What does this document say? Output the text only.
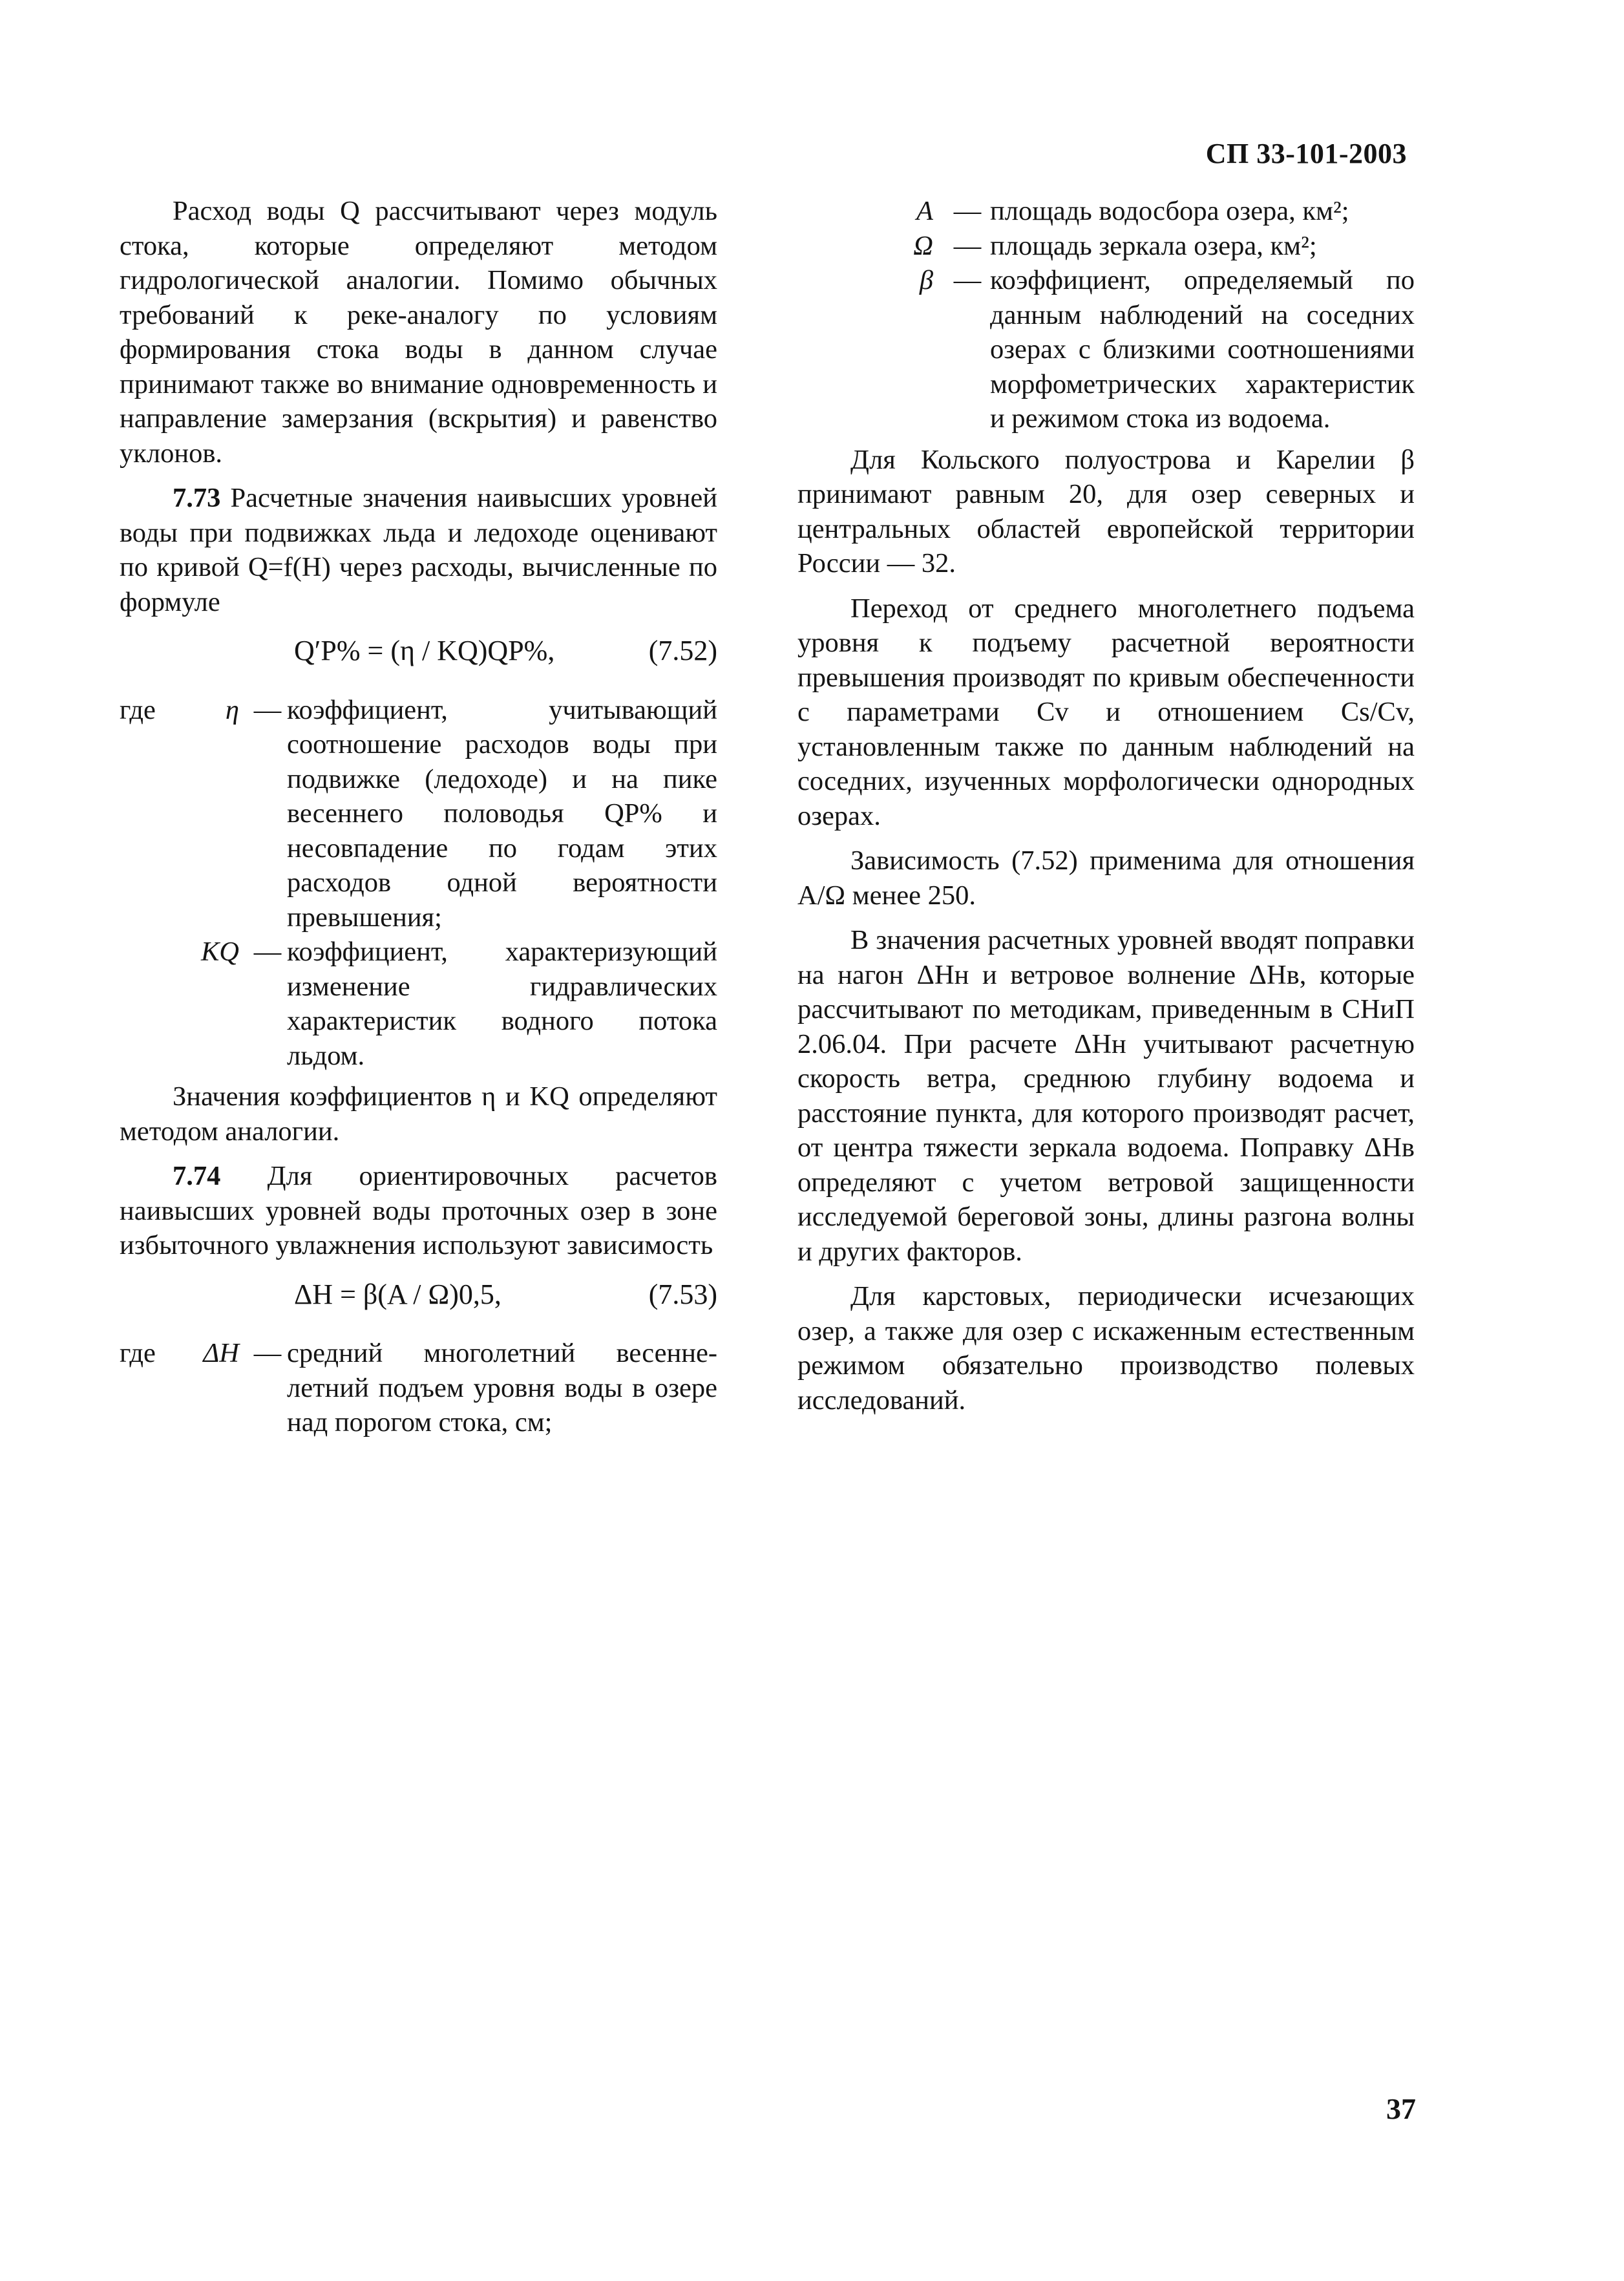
СП 33-101-2003

Расход воды Q рассчитывают через модуль стока, которые определяют методом гидрологической аналогии. Помимо обычных требований к реке-аналогу по условиям формирования стока воды в данном случае принимают также во внимание одновременность и направление замерзания (вскрытия) и равенство уклонов.

7.73 Расчетные значения наивысших уровней воды при подвижках льда и ледоходе оценивают по кривой Q=f(H) через расходы, вычисленные по формуле

Q′P% = (η / KQ)QP%,	(7.52)
где	η	—	коэффициент, учитывающий соотношение расходов воды при подвижке (ледоходе) и на пике весеннего половодья QP% и несовпадение по годам этих расходов одной вероятности превышения;
	KQ	—	коэффициент, характеризующий изменение гидравлических характеристик водного потока льдом.

Значения коэффициентов η и KQ определяют методом аналогии.

7.74 Для ориентировочных расчетов наивысших уровней воды проточных озер в зоне избыточного увлажнения используют зависимость

ΔH = β(A / Ω)0,5,	(7.53)
где	ΔH	—	средний многолетний весенне-летний подъем уровня воды в озере над порогом стока, см;
A	—	площадь водосбора озера, км²;
Ω	—	площадь зеркала озера, км²;
β	—	коэффициент, определяемый по данным наблюдений на соседних озерах с близкими соотношениями морфометрических характеристик и режимом стока из водоема.

Для Кольского полуострова и Карелии β принимают равным 20, для озер северных и центральных областей европейской территории России — 32.

Переход от среднего многолетнего подъема уровня к подъему расчетной вероятности превышения производят по кривым обеспеченности с параметрами Cv и отношением Cs/Cv, установленным также по данным наблюдений на соседних, изученных морфологически однородных озерах.

Зависимость (7.52) применима для отношения A/Ω менее 250.

В значения расчетных уровней вводят поправки на нагон ΔHн и ветровое волнение ΔHв, которые рассчитывают по методикам, приведенным в СНиП 2.06.04. При расчете ΔHн учитывают расчетную скорость ветра, среднюю глубину водоема и расстояние пункта, для которого производят расчет, от центра тяжести зеркала водоема. Поправку ΔHв определяют с учетом ветровой защищенности исследуемой береговой зоны, длины разгона волны и других факторов.

Для карстовых, периодически исчезающих озер, а также для озер с искаженным естественным режимом обязательно производство полевых исследований.

37
